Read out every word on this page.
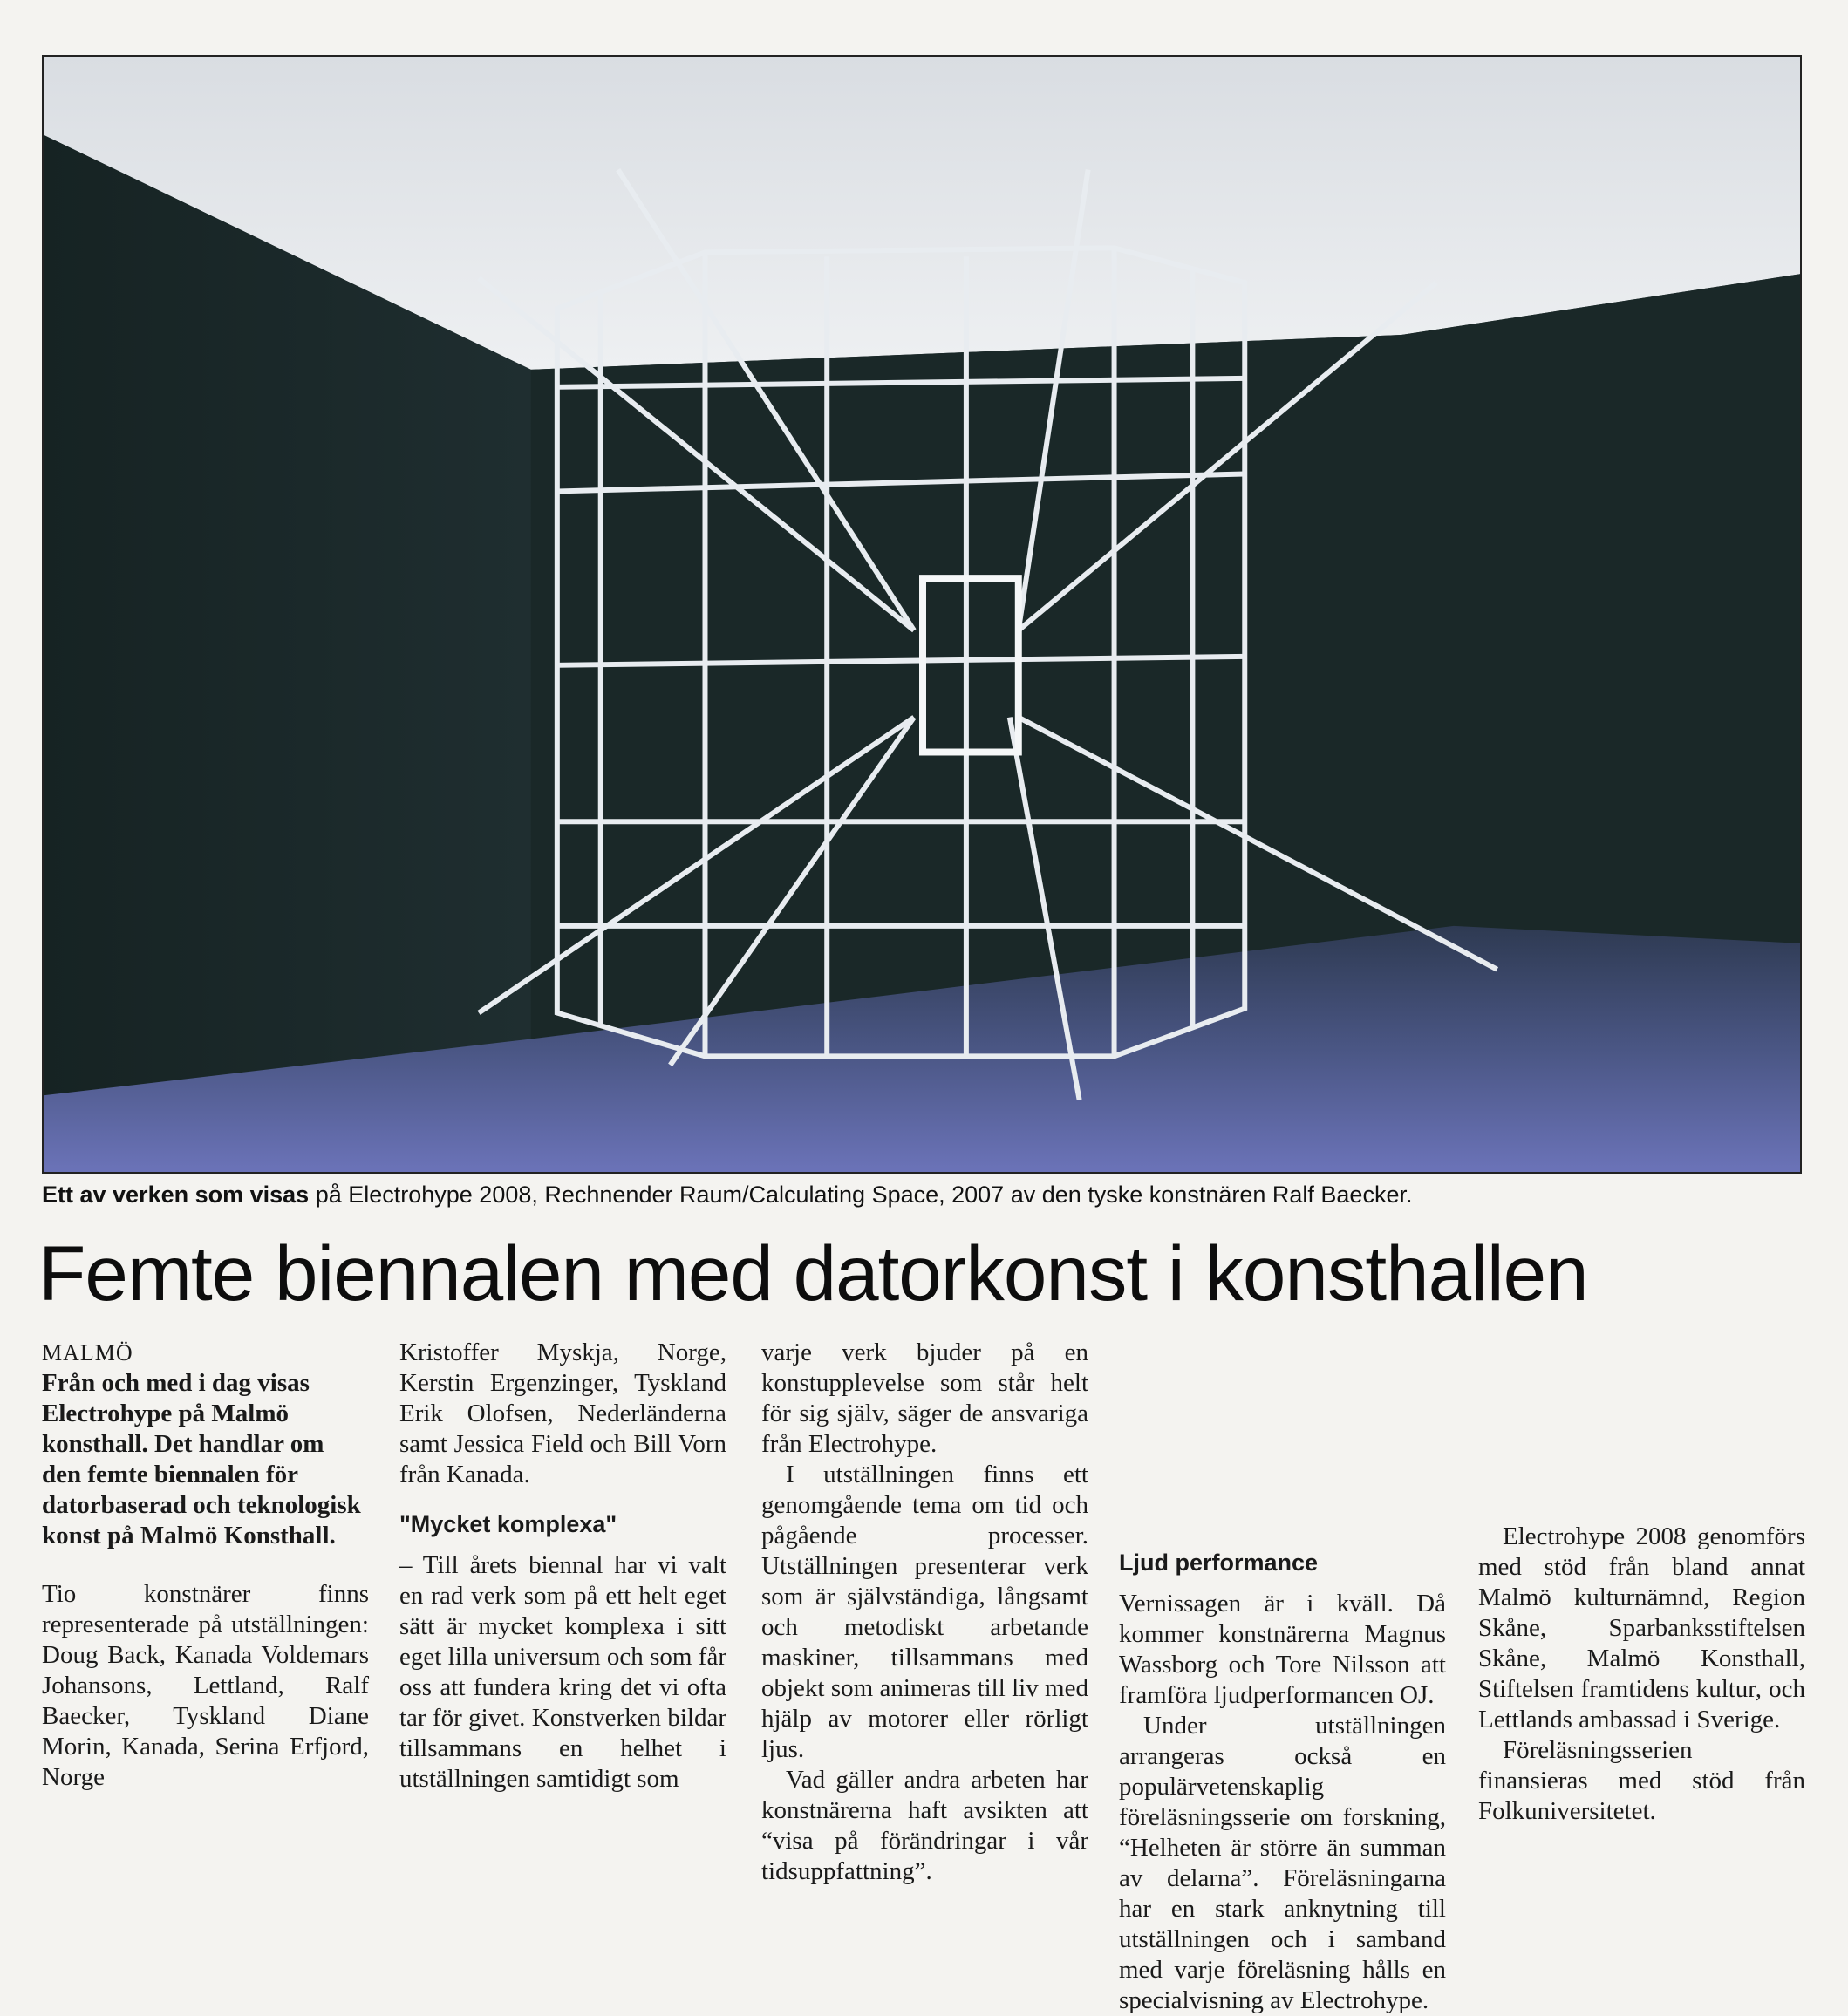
Ett av verken som visas på Electrohype 2008, Rechnender Raum/Calculating Space, 2007 av den tyske konstnären Ralf Baecker.
Femte biennalen med datorkonst i konsthallen

MALMÖ

Från och med i dag visas Electrohype på Malmö konsthall. Det handlar om den femte biennalen för datorbaserad och teknologisk konst på Malmö Konsthall.

Tio konstnärer finns representerade på utställningen: Doug Back, Kanada Voldemars Johansons, Lettland, Ralf Baecker, Tyskland Diane Morin, Kanada, Serina Erfjord, Norge

Kristoffer Myskja, Norge, Kerstin Ergenzinger, Tyskland Erik Olofsen, Nederländerna samt Jessica Field och Bill Vorn från Kanada.

"Mycket komplexa"

– Till årets biennal har vi valt en rad verk som på ett helt eget sätt är mycket komplexa i sitt eget lilla universum och som får oss att fundera kring det vi ofta tar för givet. Konstverken bildar tillsammans en helhet i utställningen samtidigt som

varje verk bjuder på en konstupplevelse som står helt för sig själv, säger de ansvariga från Electrohype.

I utställningen finns ett genomgående tema om tid och pågående processer. Utställningen presenterar verk som är självständiga, långsamt och metodiskt arbetande maskiner, tillsammans med objekt som animeras till liv med hjälp av motorer eller rörligt ljus.

Vad gäller andra arbeten har konstnärerna haft avsikten att “visa på förändringar i vår tidsuppfattning”.

Ljud performance

Vernissagen är i kväll. Då kommer konstnärerna Magnus Wassborg och Tore Nilsson att framföra ljudperformancen OJ.

Under utställningen arrangeras också en populärvetenskaplig föreläsningsserie om forskning, “Helheten är större än summan av delarna”. Föreläsningarna har en stark anknytning till utställningen och i samband med varje föreläsning hålls en specialvisning av Electrohype.

Electrohype 2008 genomförs med stöd från bland annat Malmö kulturnämnd, Region Skåne, Sparbanksstiftelsen Skåne, Malmö Konsthall, Stiftelsen framtidens kultur, och Lettlands ambassad i Sverige.

Föreläsningsserien finansieras med stöd från Folkuniversitetet.
